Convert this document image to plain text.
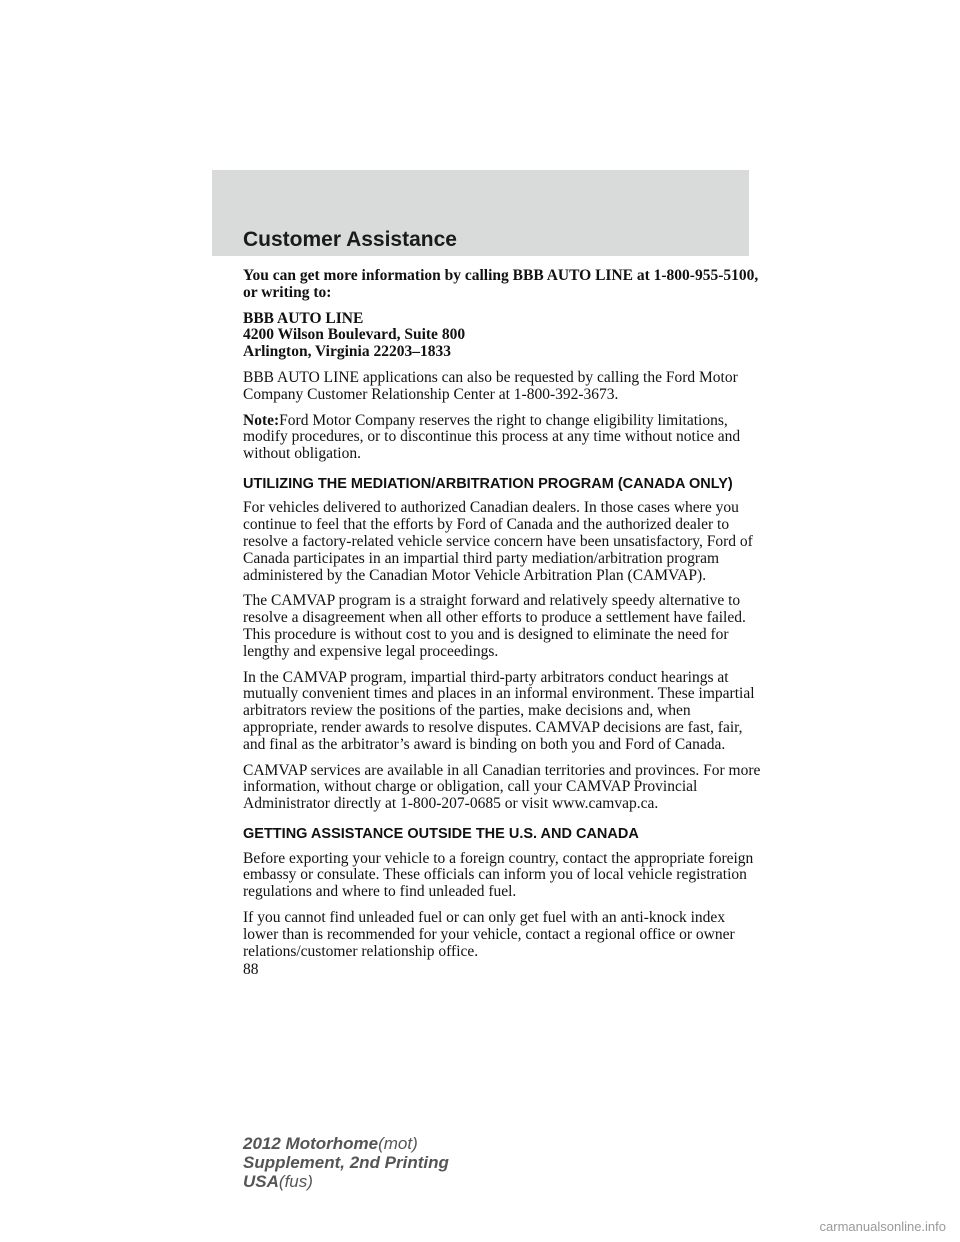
Customer Assistance

You can get more information by calling BBB AUTO LINE at 1-800-955-5100, or writing to:

BBB AUTO LINE
4200 Wilson Boulevard, Suite 800
Arlington, Virginia 22203–1833

BBB AUTO LINE applications can also be requested by calling the Ford Motor Company Customer Relationship Center at 1-800-392-3673.

Note:Ford Motor Company reserves the right to change eligibility limitations, modify procedures, or to discontinue this process at any time without notice and without obligation.

UTILIZING THE MEDIATION/ARBITRATION PROGRAM (CANADA ONLY)

For vehicles delivered to authorized Canadian dealers. In those cases where you continue to feel that the efforts by Ford of Canada and the authorized dealer to resolve a factory-related vehicle service concern have been unsatisfactory, Ford of Canada participates in an impartial third party mediation/arbitration program administered by the Canadian Motor Vehicle Arbitration Plan (CAMVAP).

The CAMVAP program is a straight forward and relatively speedy alternative to resolve a disagreement when all other efforts to produce a settlement have failed. This procedure is without cost to you and is designed to eliminate the need for lengthy and expensive legal proceedings.

In the CAMVAP program, impartial third-party arbitrators conduct hearings at mutually convenient times and places in an informal environment. These impartial arbitrators review the positions of the parties, make decisions and, when appropriate, render awards to resolve disputes. CAMVAP decisions are fast, fair, and final as the arbitrator’s award is binding on both you and Ford of Canada.

CAMVAP services are available in all Canadian territories and provinces. For more information, without charge or obligation, call your CAMVAP Provincial Administrator directly at 1-800-207-0685 or visit www.camvap.ca.

GETTING ASSISTANCE OUTSIDE THE U.S. AND CANADA

Before exporting your vehicle to a foreign country, contact the appropriate foreign embassy or consulate. These officials can inform you of local vehicle registration regulations and where to find unleaded fuel.

If you cannot find unleaded fuel or can only get fuel with an anti-knock index lower than is recommended for your vehicle, contact a regional office or owner relations/customer relationship office.

88
2012 Motorhome(mot)
Supplement, 2nd Printing
USA(fus)
carmanualsonline.info
